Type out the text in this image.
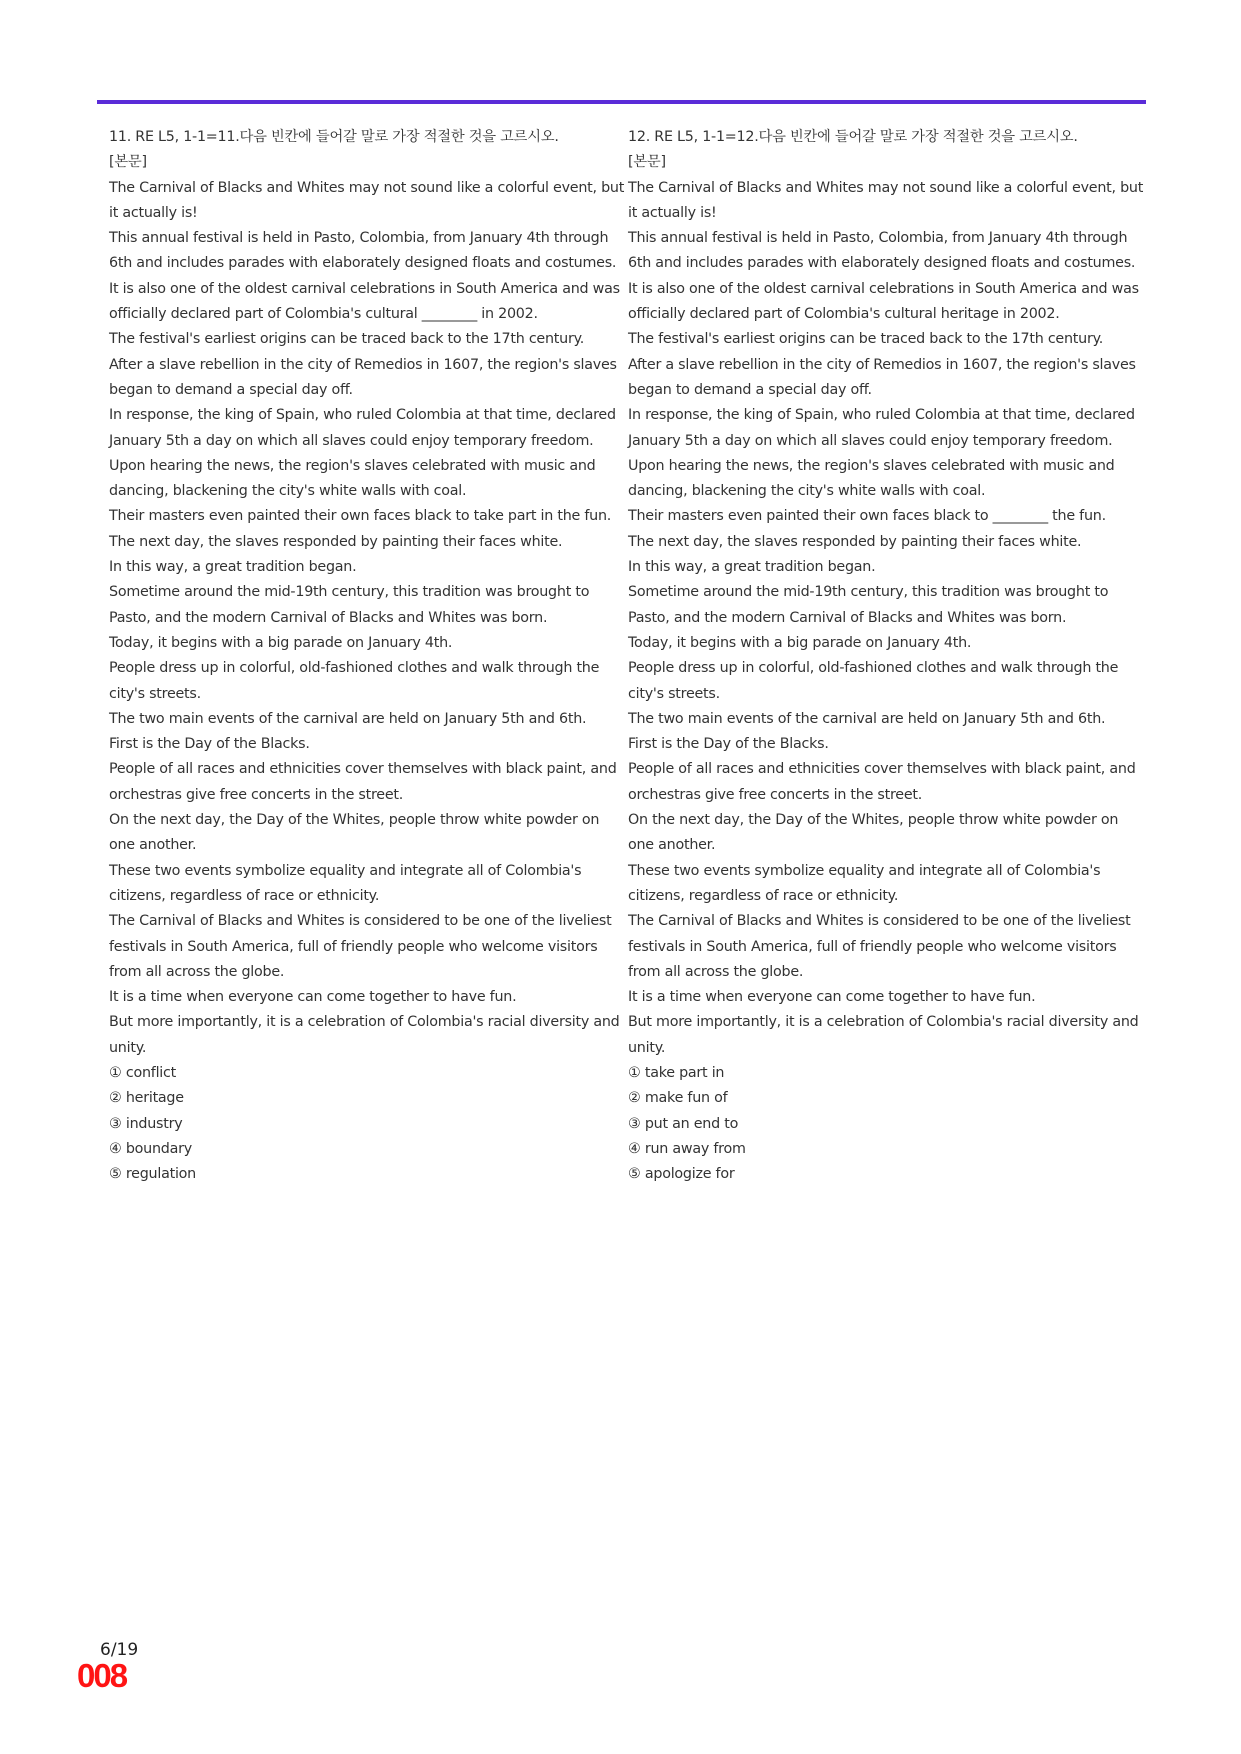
11. RE L5, 1-1=11.다음 빈칸에 들어갈 말로 가장 적절한 것을 고르시오.
[본문]
The Carnival of Blacks and Whites may not sound like a colorful event, but
it actually is!
This annual festival is held in Pasto, Colombia, from January 4th through
6th and includes parades with elaborately designed floats and costumes.
It is also one of the oldest carnival celebrations in South America and was
officially declared part of Colombia's cultural ________ in 2002.
The festival's earliest origins can be traced back to the 17th century.
After a slave rebellion in the city of Remedios in 1607, the region's slaves
began to demand a special day off.
In response, the king of Spain, who ruled Colombia at that time, declared
January 5th a day on which all slaves could enjoy temporary freedom.
Upon hearing the news, the region's slaves celebrated with music and
dancing, blackening the city's white walls with coal.
Their masters even painted their own faces black to take part in the fun.
The next day, the slaves responded by painting their faces white.
In this way, a great tradition began.
Sometime around the mid-19th century, this tradition was brought to
Pasto, and the modern Carnival of Blacks and Whites was born.
Today, it begins with a big parade on January 4th.
People dress up in colorful, old-fashioned clothes and walk through the
city's streets.
The two main events of the carnival are held on January 5th and 6th.
First is the Day of the Blacks.
People of all races and ethnicities cover themselves with black paint, and
orchestras give free concerts in the street.
On the next day, the Day of the Whites, people throw white powder on
one another.
These two events symbolize equality and integrate all of Colombia's
citizens, regardless of race or ethnicity.
The Carnival of Blacks and Whites is considered to be one of the liveliest
festivals in South America, full of friendly people who welcome visitors
from all across the globe.
It is a time when everyone can come together to have fun.
But more importantly, it is a celebration of Colombia's racial diversity and
unity.
① conflict
② heritage
③ industry
④ boundary
⑤ regulation
12. RE L5, 1-1=12.다음 빈칸에 들어갈 말로 가장 적절한 것을 고르시오.
[본문]
The Carnival of Blacks and Whites may not sound like a colorful event, but
it actually is!
This annual festival is held in Pasto, Colombia, from January 4th through
6th and includes parades with elaborately designed floats and costumes.
It is also one of the oldest carnival celebrations in South America and was
officially declared part of Colombia's cultural heritage in 2002.
The festival's earliest origins can be traced back to the 17th century.
After a slave rebellion in the city of Remedios in 1607, the region's slaves
began to demand a special day off.
In response, the king of Spain, who ruled Colombia at that time, declared
January 5th a day on which all slaves could enjoy temporary freedom.
Upon hearing the news, the region's slaves celebrated with music and
dancing, blackening the city's white walls with coal.
Their masters even painted their own faces black to ________ the fun.
The next day, the slaves responded by painting their faces white.
In this way, a great tradition began.
Sometime around the mid-19th century, this tradition was brought to
Pasto, and the modern Carnival of Blacks and Whites was born.
Today, it begins with a big parade on January 4th.
People dress up in colorful, old-fashioned clothes and walk through the
city's streets.
The two main events of the carnival are held on January 5th and 6th.
First is the Day of the Blacks.
People of all races and ethnicities cover themselves with black paint, and
orchestras give free concerts in the street.
On the next day, the Day of the Whites, people throw white powder on
one another.
These two events symbolize equality and integrate all of Colombia's
citizens, regardless of race or ethnicity.
The Carnival of Blacks and Whites is considered to be one of the liveliest
festivals in South America, full of friendly people who welcome visitors
from all across the globe.
It is a time when everyone can come together to have fun.
But more importantly, it is a celebration of Colombia's racial diversity and
unity.
① take part in
② make fun of
③ put an end to
④ run away from
⑤ apologize for
6/19
008
